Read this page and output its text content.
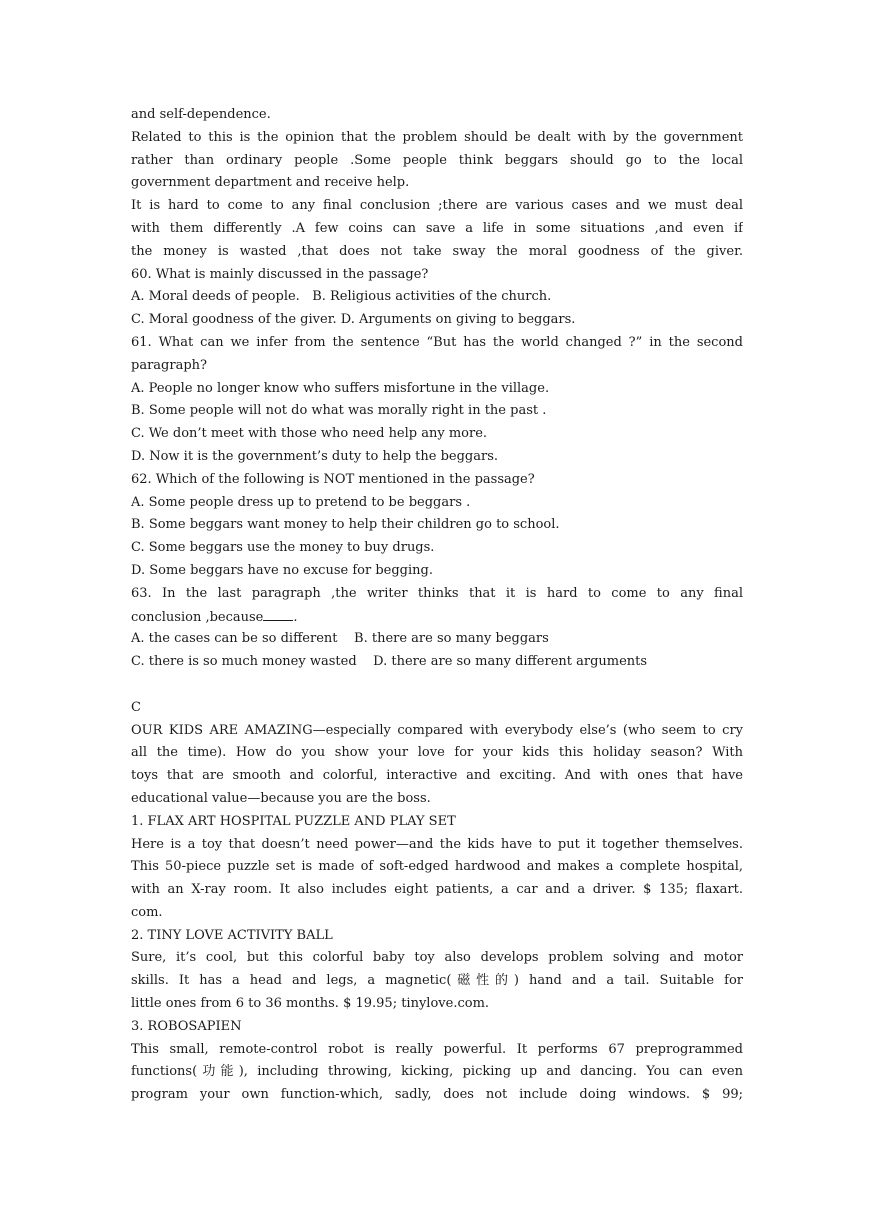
and self-dependence.
Related to this is the opinion that the problem should be dealt with by the government
rather than ordinary people .Some people think beggars should go to the local
government department and receive help.
It is hard to come to any final conclusion ;there are various cases and we must deal
with them differently .A few coins can save a life in some situations ,and even if
the money is wasted ,that does not take sway the moral goodness of the giver.
60. What is mainly discussed in the passage?
A. Moral deeds of people.   B. Religious activities of the church.
C. Moral goodness of the giver. D. Arguments on giving to beggars.
61. What can we infer from the sentence “But has the world changed ?” in the second
paragraph?
A. People no longer know who suffers misfortune in the village.
B. Some people will not do what was morally right in the past .
C. We don’t meet with those who need help any more.
D. Now it is the government’s duty to help the beggars.
62. Which of the following is NOT mentioned in the passage?
A. Some people dress up to pretend to be beggars .
B. Some beggars want money to help their children go to school.
C. Some beggars use the money to buy drugs.
D. Some beggars have no excuse for begging.
63. In the last paragraph ,the writer thinks that it is hard to come to any final
conclusion ,because .
A. the cases can be so different    B. there are so many beggars
C. there is so much money wasted    D. there are so many different arguments
C
OUR KIDS ARE AMAZING—especially compared with everybody else’s (who seem to cry
all the time). How do you show your love for your kids this holiday season? With
toys that are smooth and colorful, interactive and exciting. And with ones that have
educational value—because you are the boss.
1. FLAX ART HOSPITAL PUZZLE AND PLAY SET
Here is a toy that doesn’t need power—and the kids have to put it together themselves.
This 50-piece puzzle set is made of soft-edged hardwood and makes a complete hospital,
with an X-ray room. It also includes eight patients, a car and a driver. $ 135; flaxart.
com.
2. TINY LOVE ACTIVITY BALL
Sure, it’s cool, but this colorful baby toy also develops problem solving and motor
skills. It has a head and legs, a magnetic(磁性的) hand and a tail. Suitable for
little ones from 6 to 36 months. $ 19.95; tinylove.com.
3. ROBOSAPIEN
This small, remote-control robot is really powerful. It performs 67 preprogrammed
functions(功能), including throwing, kicking, picking up and dancing. You can even
program your own function-which, sadly, does not include doing windows. $ 99;
